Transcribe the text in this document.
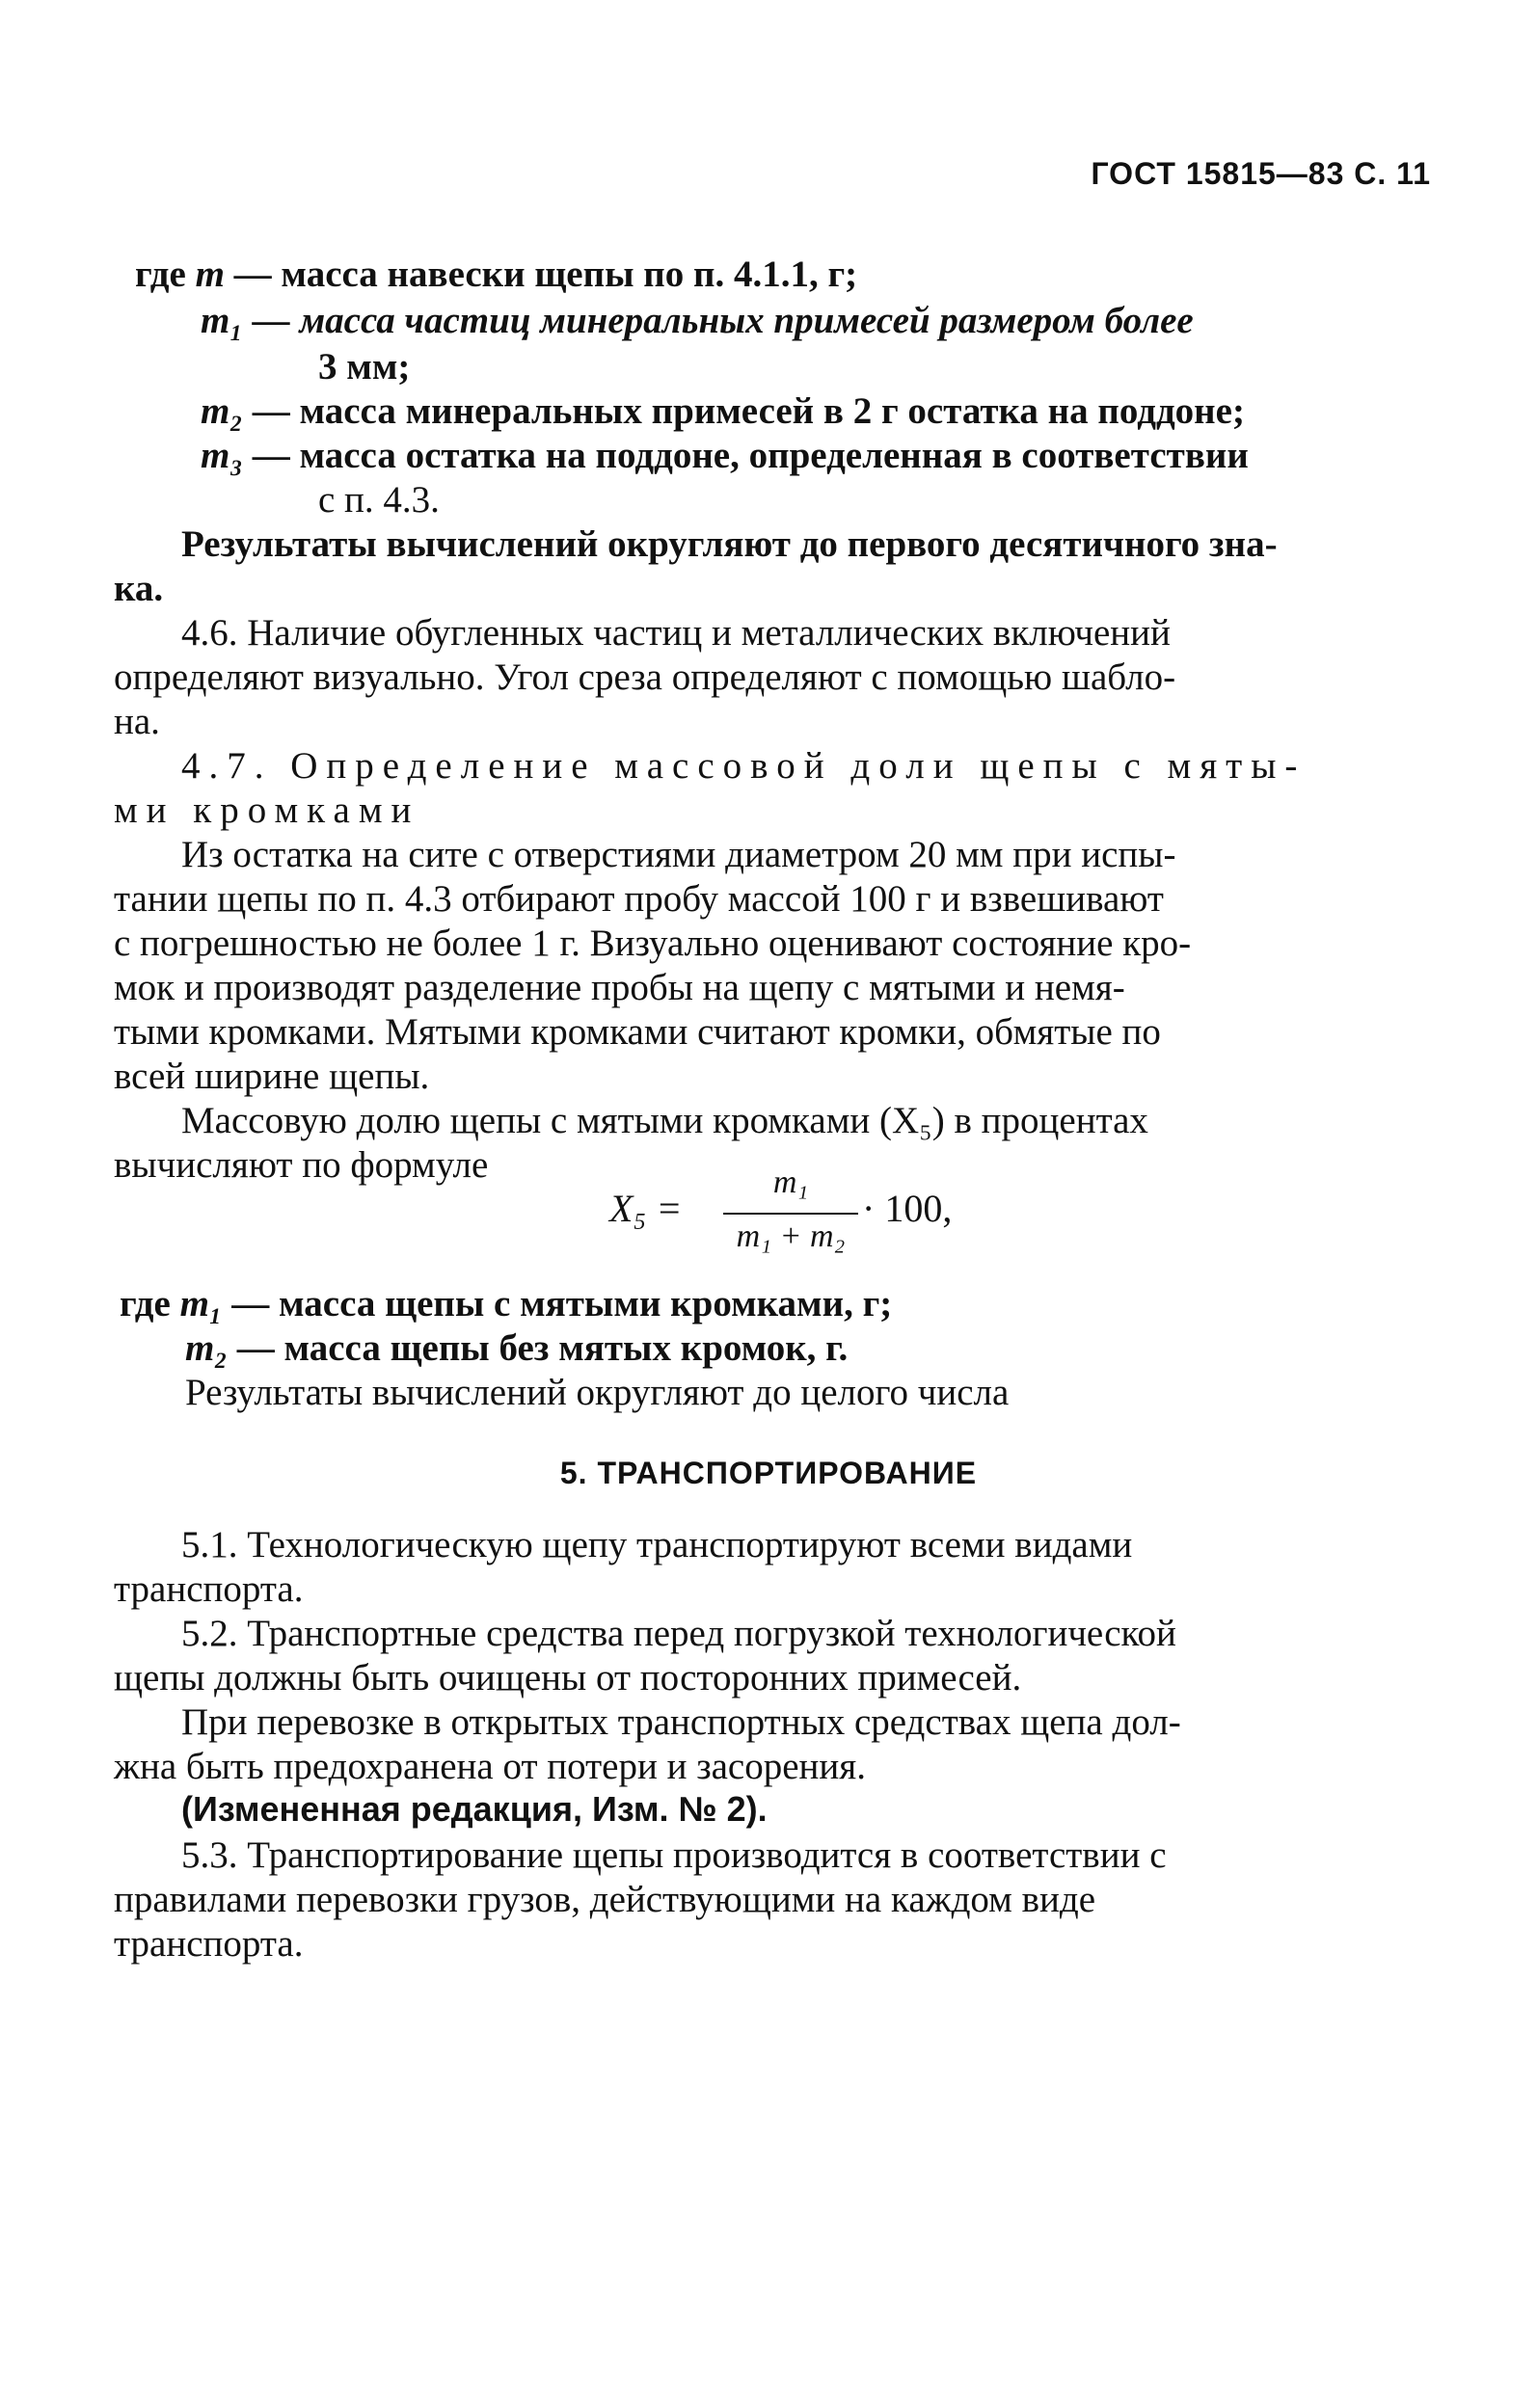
ГОСТ 15815—83 С. 11
где m — масса навески щепы по п. 4.1.1, г;
m₁ — масса частиц минеральных примесей размером более
3 мм;
m₂ — масса минеральных примесей в 2 г остатка на поддоне;
m₃ — масса остатка на поддоне, определенная в соответствии
с п. 4.3.
Результаты вычислений округляют до первого десятичного зна-
ка.
4.6. Наличие обугленных частиц и металлических включений
определяют визуально. Угол среза определяют с помощью шабло-
на.
4.7. Определение массовой доли щепы с мяты-
ми кромками
Из остатка на сите с отверстиями диаметром 20 мм при испы-
тании щепы по п. 4.3 отбирают пробу массой 100 г и взвешивают
с погрешностью не более 1 г. Визуально оценивают состояние кро-
мок и производят разделение пробы на щепу с мятыми и немя-
тыми кромками. Мятыми кромками считают кромки, обмятые по
всей ширине щепы.
Массовую долю щепы с мятыми кромками (X₅) в процентах
вычисляют по формуле
X₅ =
m₁
m₁ + m₂
· 100,
где m₁ — масса щепы с мятыми кромками, г;
m₂ — масса щепы без мятых кромок, г.
Результаты вычислений округляют до целого числа
5. ТРАНСПОРТИРОВАНИЕ
5.1. Технологическую щепу транспортируют всеми видами
транспорта.
5.2. Транспортные средства перед погрузкой технологической
щепы должны быть очищены от посторонних примесей.
При перевозке в открытых транспортных средствах щепа дол-
жна быть предохранена от потери и засорения.
(Измененная редакция, Изм. № 2).
5.3. Транспортирование щепы производится в соответствии с
правилами перевозки грузов, действующими на каждом виде
транспорта.
